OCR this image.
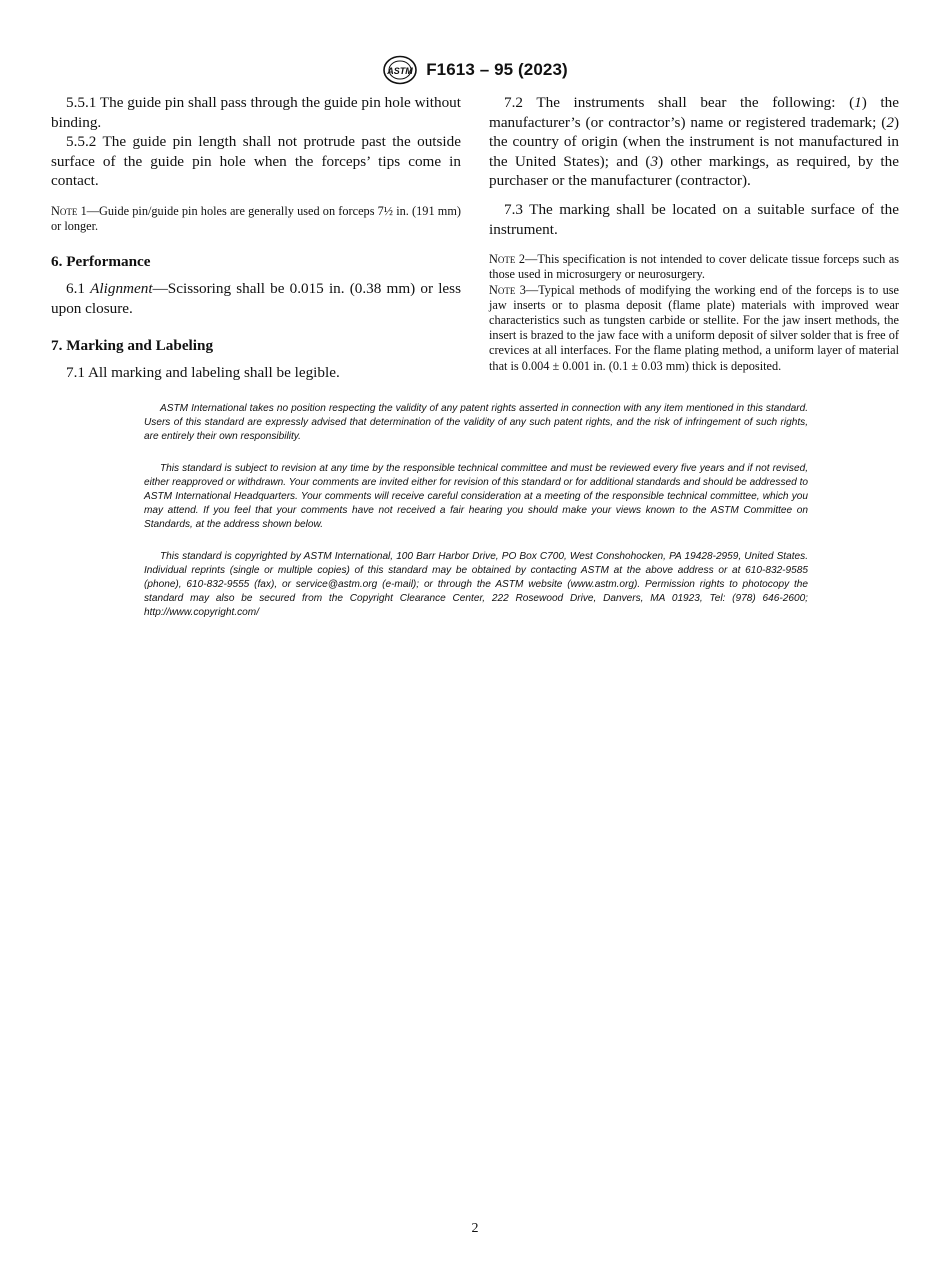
ASTM F1613 – 95 (2023)

5.5.1 The guide pin shall pass through the guide pin hole without binding.

5.5.2 The guide pin length shall not protrude past the outside surface of the guide pin hole when the forceps’ tips come in contact.

Note 1—Guide pin/guide pin holes are generally used on forceps 7½ in. (191 mm) or longer.

6. Performance

6.1 Alignment—Scissoring shall be 0.015 in. (0.38 mm) or less upon closure.

7. Marking and Labeling

7.1 All marking and labeling shall be legible.

7.2 The instruments shall bear the following: (1) the manufacturer’s (or contractor’s) name or registered trademark; (2) the country of origin (when the instrument is not manufactured in the United States); and (3) other markings, as required, by the purchaser or the manufacturer (contractor).

7.3 The marking shall be located on a suitable surface of the instrument.

Note 2—This specification is not intended to cover delicate tissue forceps such as those used in microsurgery or neurosurgery.

Note 3—Typical methods of modifying the working end of the forceps is to use jaw inserts or to plasma deposit (flame plate) materials with improved wear characteristics such as tungsten carbide or stellite. For the jaw insert methods, the insert is brazed to the jaw face with a uniform deposit of silver solder that is free of crevices at all interfaces. For the flame plating method, a uniform layer of material that is 0.004 ± 0.001 in. (0.1 ± 0.03 mm) thick is deposited.

ASTM International takes no position respecting the validity of any patent rights asserted in connection with any item mentioned in this standard. Users of this standard are expressly advised that determination of the validity of any such patent rights, and the risk of infringement of such rights, are entirely their own responsibility.

This standard is subject to revision at any time by the responsible technical committee and must be reviewed every five years and if not revised, either reapproved or withdrawn. Your comments are invited either for revision of this standard or for additional standards and should be addressed to ASTM International Headquarters. Your comments will receive careful consideration at a meeting of the responsible technical committee, which you may attend. If you feel that your comments have not received a fair hearing you should make your views known to the ASTM Committee on Standards, at the address shown below.

This standard is copyrighted by ASTM International, 100 Barr Harbor Drive, PO Box C700, West Conshohocken, PA 19428-2959, United States. Individual reprints (single or multiple copies) of this standard may be obtained by contacting ASTM at the above address or at 610-832-9585 (phone), 610-832-9555 (fax), or service@astm.org (e-mail); or through the ASTM website (www.astm.org). Permission rights to photocopy the standard may also be secured from the Copyright Clearance Center, 222 Rosewood Drive, Danvers, MA 01923, Tel: (978) 646-2600; http://www.copyright.com/

2
